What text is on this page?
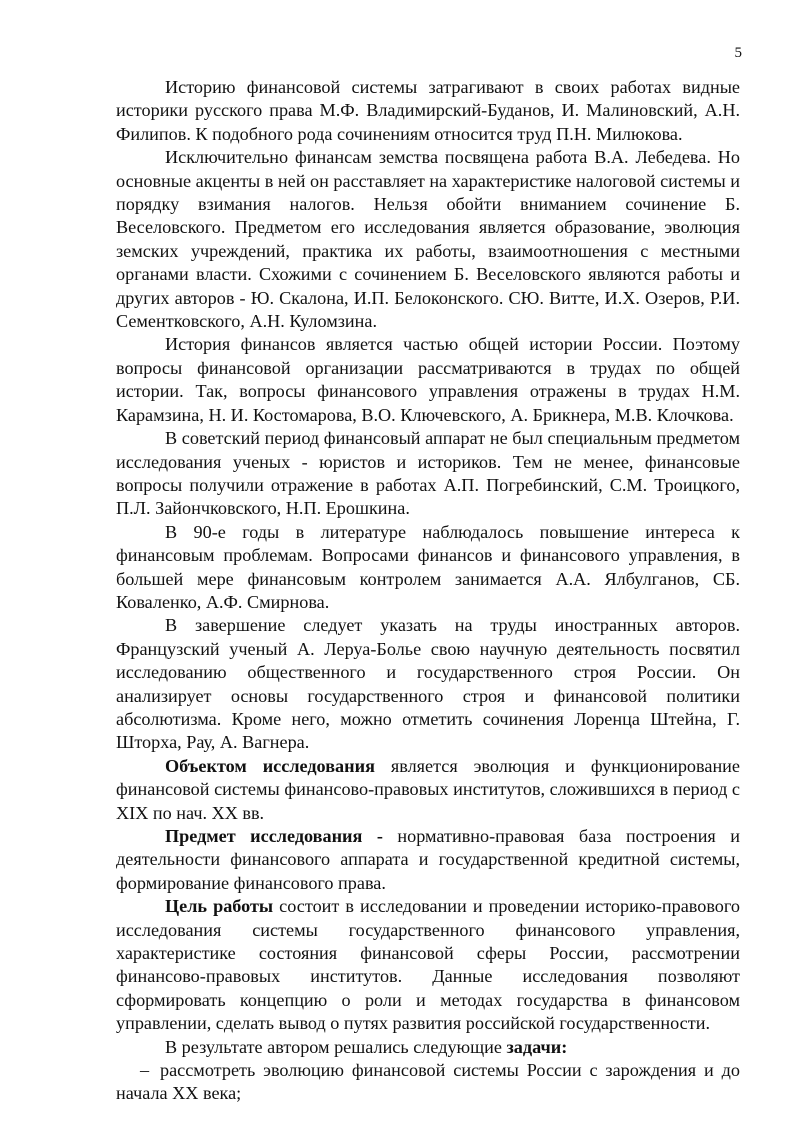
5

Историю финансовой системы затрагивают в своих работах видные историки русского права М.Ф. Владимирский-Буданов, И. Малиновский, А.Н. Филипов. К подобного рода сочинениям относится труд П.Н. Милюкова.

Исключительно финансам земства посвящена работа В.А. Лебедева. Но основные акценты в ней он расставляет на характеристике налоговой системы и порядку взимания налогов. Нельзя обойти вниманием сочинение Б. Веселовского. Предметом его исследования является образование, эволюция земских учреждений, практика их работы, взаимоотношения с местными органами власти. Схожими с сочинением Б. Веселовского являются работы и других авторов - Ю. Скалона, И.П. Белоконского. СЮ. Витте, И.Х. Озеров, Р.И. Сементковского, А.Н. Куломзина.

История финансов является частью общей истории России. Поэтому вопросы финансовой организации рассматриваются в трудах по общей истории. Так, вопросы финансового управления отражены в трудах Н.М. Карамзина, Н. И. Костомарова, В.О. Ключевского, А. Брикнера, М.В. Клочкова.

В советский период финансовый аппарат не был специальным предметом исследования ученых - юристов и историков. Тем не менее, финансовые вопросы получили отражение в работах А.П. Погребинский, С.М. Троицкого, П.Л. Зайончковского, Н.П. Ерошкина.

В 90-е годы в литературе наблюдалось повышение интереса к финансовым проблемам. Вопросами финансов и финансового управления, в большей мере финансовым контролем занимается А.А. Ялбулганов, СБ. Коваленко, А.Ф. Смирнова.

В завершение следует указать на труды иностранных авторов. Французский ученый А. Леруа-Болье свою научную деятельность посвятил исследованию общественного и государственного строя России. Он анализирует основы государственного строя и финансовой политики абсолютизма. Кроме него, можно отметить сочинения Лоренца Штейна, Г. Шторха, Рау, А. Вагнера.

Объектом исследования является эволюция и функционирование финансовой системы финансово-правовых институтов, сложившихся в период с XIX по нач. XX вв.

Предмет исследования - нормативно-правовая база построения и деятельности финансового аппарата и государственной кредитной системы, формирование финансового права.

Цель работы состоит в исследовании и проведении историко-правового исследования системы государственного финансового управления, характеристике состояния финансовой сферы России, рассмотрении финансово-правовых институтов. Данные исследования позволяют сформировать концепцию о роли и методах государства в финансовом управлении, сделать вывод о путях развития российской государственности.

В результате автором решались следующие задачи:

– рассмотреть эволюцию финансовой системы России с зарождения и до начала XX века;
